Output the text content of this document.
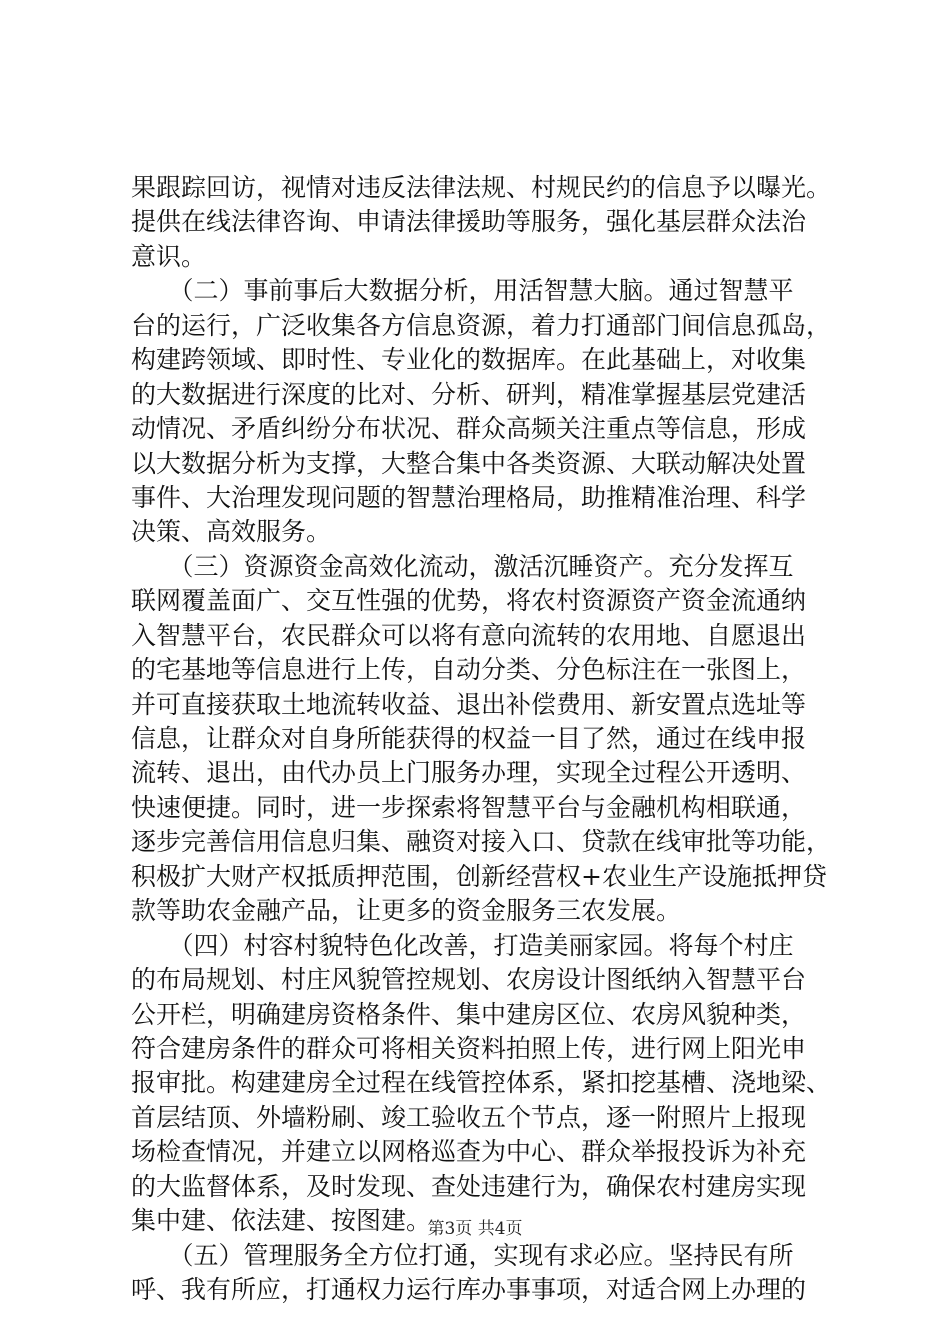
果跟踪回访，视情对违反法律法规、村规民约的信息予以曝光。
提供在线法律咨询、申请法律援助等服务，强化基层群众法治
意识。
　　（二）事前事后大数据分析，用活智慧大脑。通过智慧平
台的运行，广泛收集各方信息资源，着力打通部门间信息孤岛，
构建跨领域、即时性、专业化的数据库。在此基础上，对收集
的大数据进行深度的比对、分析、研判，精准掌握基层党建活
动情况、矛盾纠纷分布状况、群众高频关注重点等信息，形成
以大数据分析为支撑，大整合集中各类资源、大联动解决处置
事件、大治理发现问题的智慧治理格局，助推精准治理、科学
决策、高效服务。
　　（三）资源资金高效化流动，激活沉睡资产。充分发挥互
联网覆盖面广、交互性强的优势，将农村资源资产资金流通纳
入智慧平台，农民群众可以将有意向流转的农用地、自愿退出
的宅基地等信息进行上传，自动分类、分色标注在一张图上，
并可直接获取土地流转收益、退出补偿费用、新安置点选址等
信息，让群众对自身所能获得的权益一目了然，通过在线申报
流转、退出，由代办员上门服务办理，实现全过程公开透明、
快速便捷。同时，进一步探索将智慧平台与金融机构相联通，
逐步完善信用信息归集、融资对接入口、贷款在线审批等功能，
积极扩大财产权抵质押范围，创新经营权+农业生产设施抵押贷
款等助农金融产品，让更多的资金服务三农发展。
　　（四）村容村貌特色化改善，打造美丽家园。将每个村庄
的布局规划、村庄风貌管控规划、农房设计图纸纳入智慧平台
公开栏，明确建房资格条件、集中建房区位、农房风貌种类，
符合建房条件的群众可将相关资料拍照上传，进行网上阳光申
报审批。构建建房全过程在线管控体系，紧扣挖基槽、浇地梁、
首层结顶、外墙粉刷、竣工验收五个节点，逐一附照片上报现
场检查情况，并建立以网格巡查为中心、群众举报投诉为补充
的大监督体系，及时发现、查处违建行为，确保农村建房实现
集中建、依法建、按图建。
　　（五）管理服务全方位打通，实现有求必应。坚持民有所
呼、我有所应，打通权力运行库办事事项，对适合网上办理的
第3页 共4页
